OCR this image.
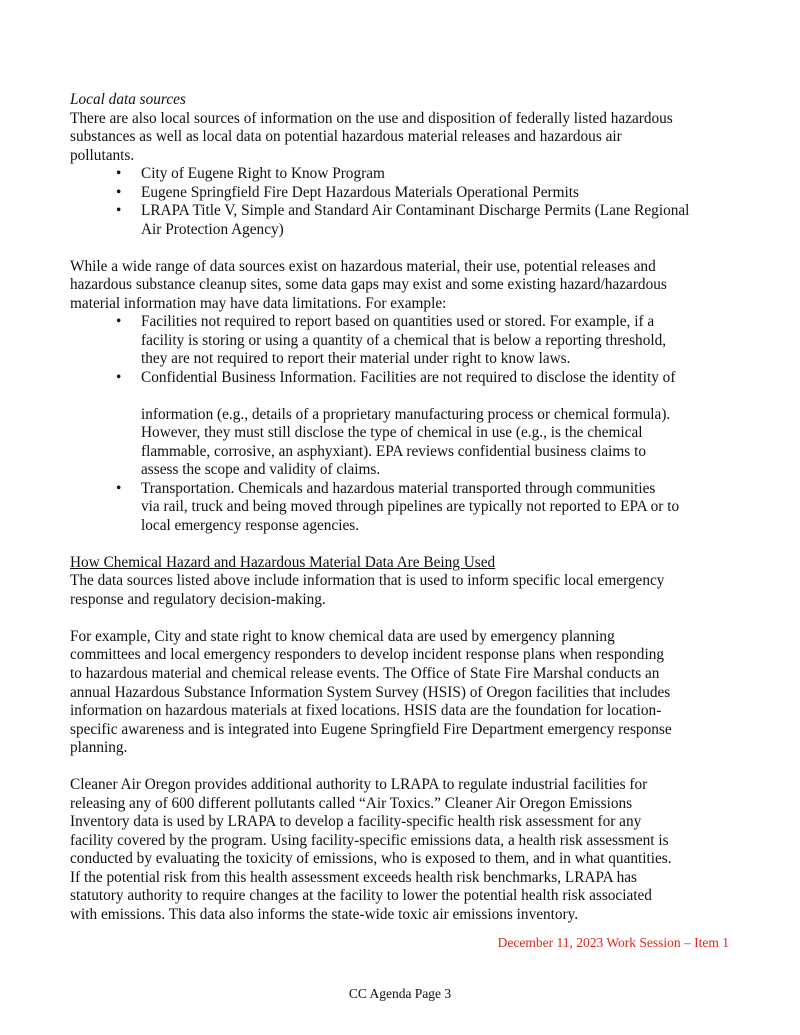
Local data sources
There are also local sources of information on the use and disposition of federally listed hazardous
substances as well as local data on potential hazardous material releases and hazardous air
pollutants.
• City of Eugene Right to Know Program
• Eugene Springfield Fire Dept Hazardous Materials Operational Permits
• LRAPA Title V, Simple and Standard Air Contaminant Discharge Permits (Lane Regional
Air Protection Agency)
While a wide range of data sources exist on hazardous material, their use, potential releases and
hazardous substance cleanup sites, some data gaps may exist and some existing hazard/hazardous
material information may have data limitations. For example:
• Facilities not required to report based on quantities used or stored. For example, if a
facility is storing or using a quantity of a chemical that is below a reporting threshold,
they are not required to report their material under right to know laws.
• Confidential Business Information. Facilities are not required to disclose the identity of
information (e.g., details of a proprietary manufacturing process or chemical formula).
However, they must still disclose the type of chemical in use (e.g., is the chemical
flammable, corrosive, an asphyxiant). EPA reviews confidential business claims to
assess the scope and validity of claims.
• Transportation. Chemicals and hazardous material transported through communities
via rail, truck and being moved through pipelines are typically not reported to EPA or to
local emergency response agencies.
How Chemical Hazard and Hazardous Material Data Are Being Used
The data sources listed above include information that is used to inform specific local emergency
response and regulatory decision-making.
For example, City and state right to know chemical data are used by emergency planning
committees and local emergency responders to develop incident response plans when responding
to hazardous material and chemical release events. The Office of State Fire Marshal conducts an
annual Hazardous Substance Information System Survey (HSIS) of Oregon facilities that includes
information on hazardous materials at fixed locations. HSIS data are the foundation for location-
specific awareness and is integrated into Eugene Springfield Fire Department emergency response
planning.
Cleaner Air Oregon provides additional authority to LRAPA to regulate industrial facilities for
releasing any of 600 different pollutants called “Air Toxics.” Cleaner Air Oregon Emissions
Inventory data is used by LRAPA to develop a facility-specific health risk assessment for any
facility covered by the program. Using facility-specific emissions data, a health risk assessment is
conducted by evaluating the toxicity of emissions, who is exposed to them, and in what quantities.
If the potential risk from this health assessment exceeds health risk benchmarks, LRAPA has
statutory authority to require changes at the facility to lower the potential health risk associated
with emissions. This data also informs the state-wide toxic air emissions inventory.
December 11, 2023 Work Session – Item 1
CC Agenda Page 3
